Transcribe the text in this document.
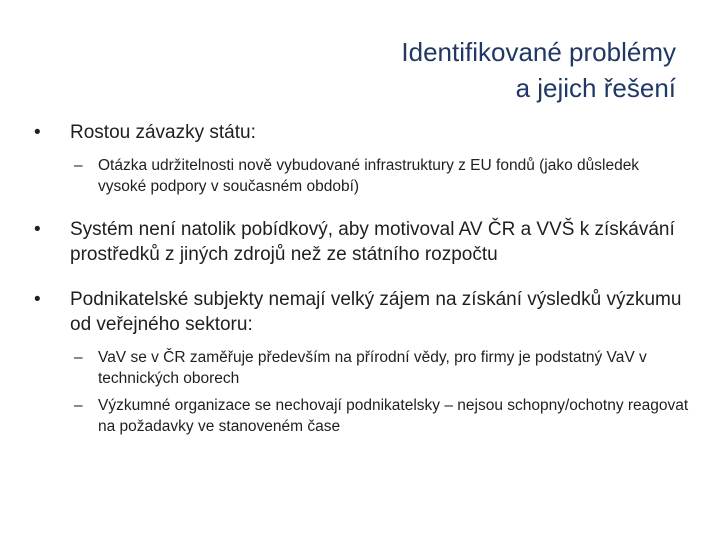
Identifikované problémy
a jejich řešení
• Rostou závazky státu:
– Otázka udržitelnosti nově vybudované infrastruktury z EU fondů (jako důsledek vysoké podpory v současném období)
• Systém není natolik pobídkový, aby motivoval AV ČR a VVŠ k získávání prostředků z jiných zdrojů než ze státního rozpočtu
• Podnikatelské subjekty nemají velký zájem na získání výsledků výzkumu od veřejného sektoru:
– VaV se v ČR zaměřuje především na přírodní vědy, pro firmy je podstatný VaV v technických oborech
– Výzkumné organizace se nechovají podnikatelsky – nejsou schopny/ochotny reagovat na požadavky ve stanoveném čase
